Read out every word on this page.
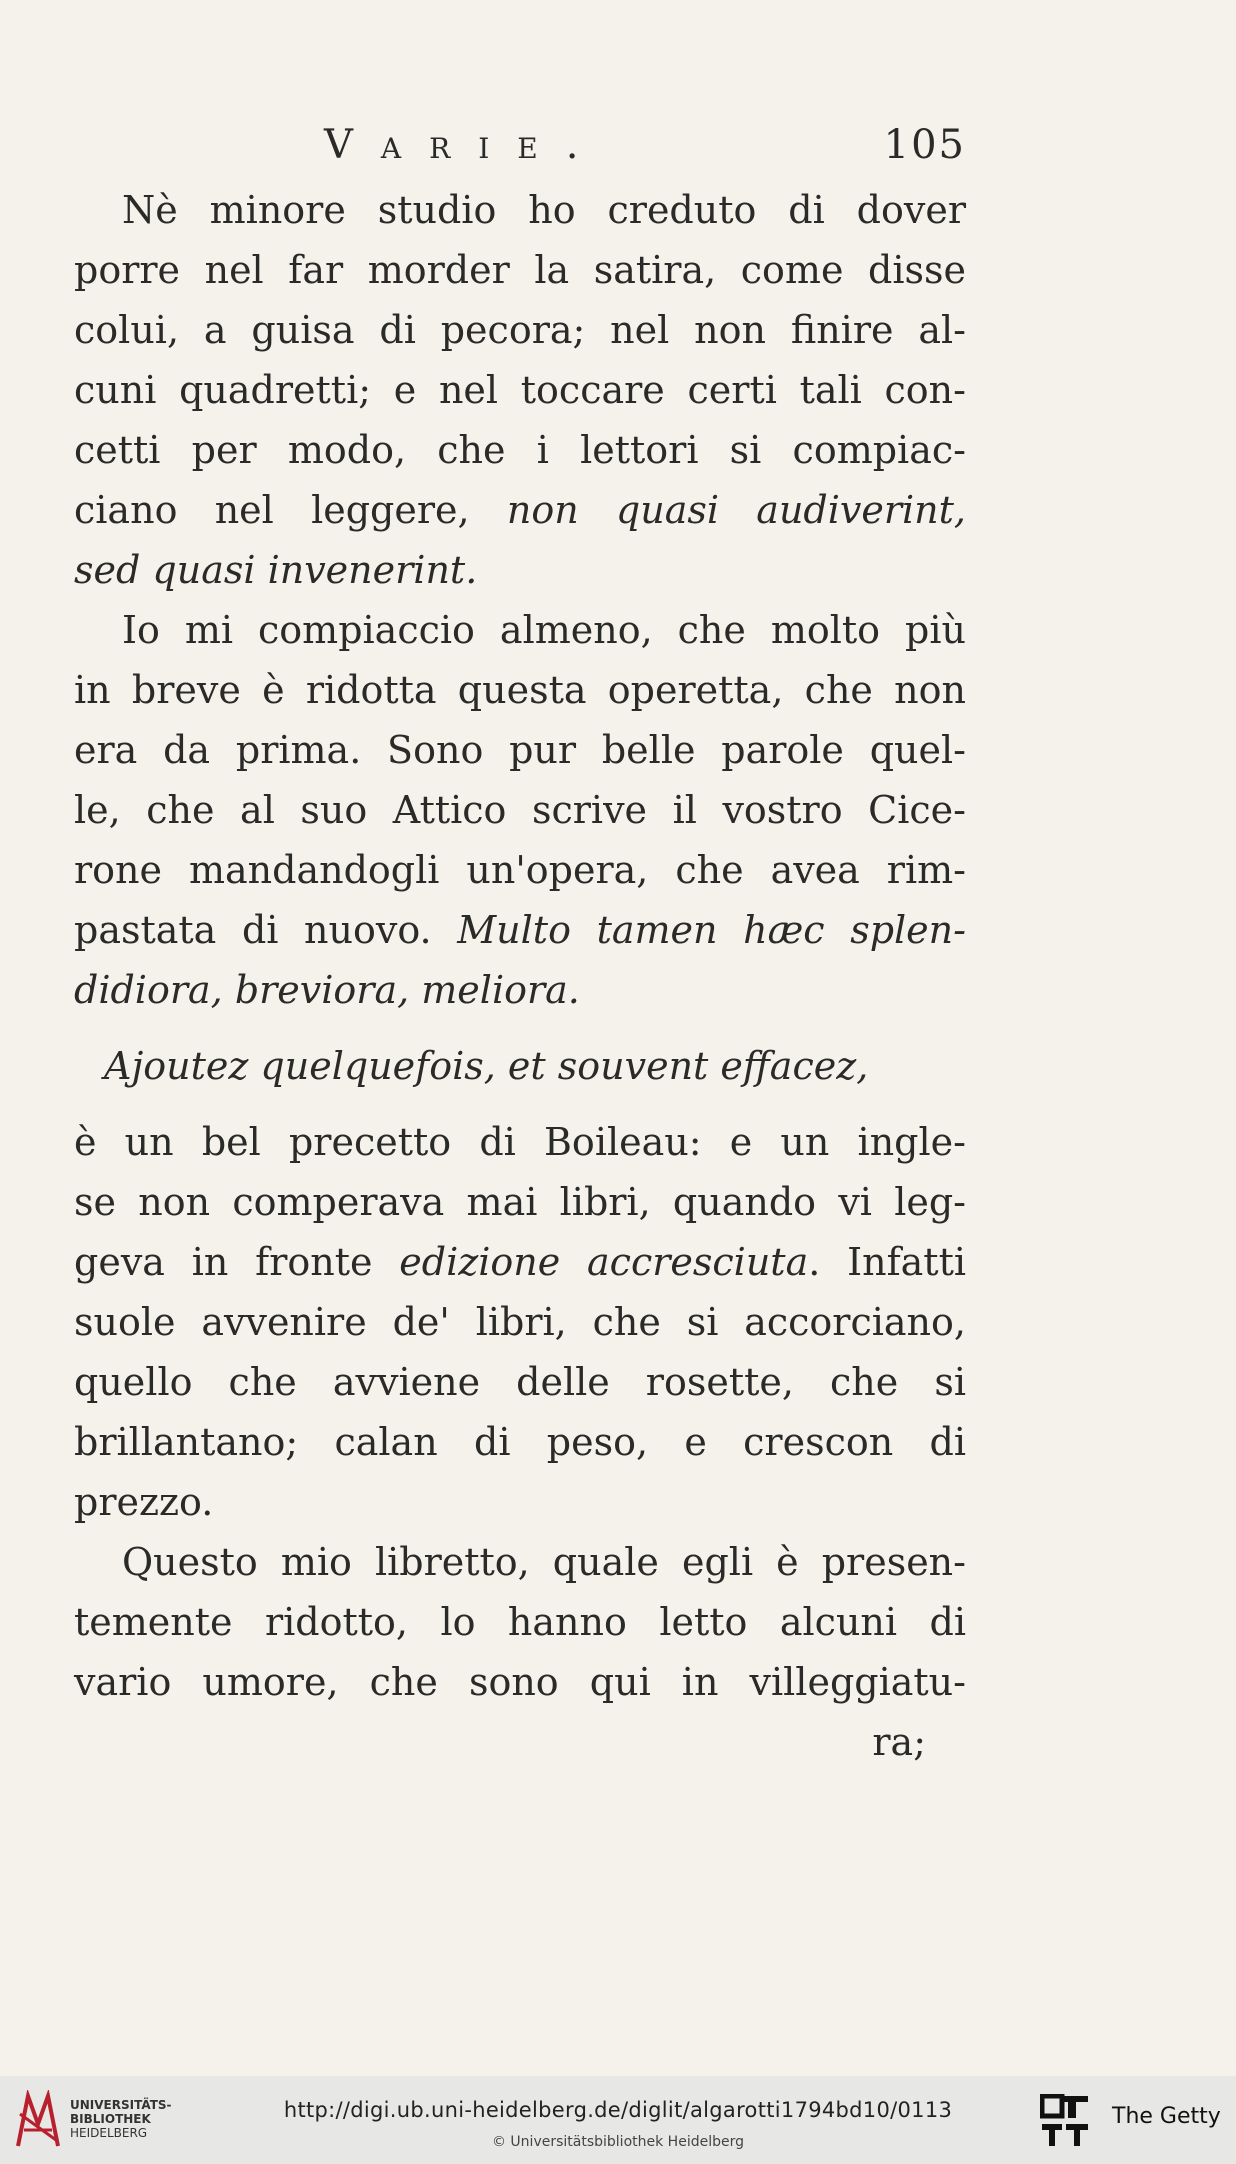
Varie.	105
Nè minore studio ho creduto di dover
porre nel far morder la satira, come disse
colui, a guisa di pecora; nel non finire al-
cuni quadretti; e nel toccare certi tali con-
cetti per modo, che i lettori si compiac-
ciano nel leggere, non quasi audiverint,
sed quasi invenerint.
Io mi compiaccio almeno, che molto più
in breve è ridotta questa operetta, che non
era da prima. Sono pur belle parole quel-
le, che al suo Attico scrive il vostro Cice-
rone mandandogli un'opera, che avea rim-
pastata di nuovo. Multo tamen hæc splen-
didiora, breviora, meliora.
Ajoutez quelquefois, et souvent effacez,
è un bel precetto di Boileau: e un ingle-
se non comperava mai libri, quando vi leg-
geva in fronte edizione accresciuta. Infatti
suole avvenire de' libri, che si accorciano,
quello che avviene delle rosette, che si
brillantano; calan di peso, e crescon di
prezzo.
Questo mio libretto, quale egli è presen-
temente ridotto, lo hanno letto alcuni di
vario umore, che sono qui in villeggiatu-
ra;
UNIVERSITÄTS-
BIBLIOTHEK
HEIDELBERG
http://digi.ub.uni-heidelberg.de/diglit/algarotti1794bd10/0113
© Universitätsbibliothek Heidelberg
The Getty
